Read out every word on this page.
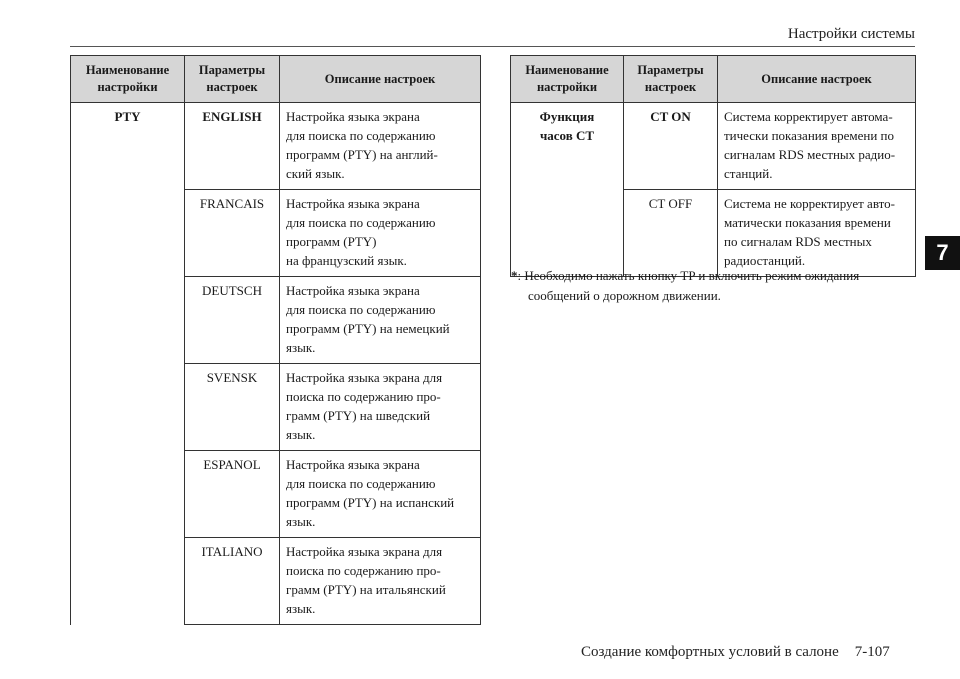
Настройки системы
7
Наименование
настройки	Параметры
настроек	Описание настроек

PTY	ENGLISH	Настройка языка экрана
для поиска по содержанию
программ (PTY) на англий-
ский язык.

	FRANCAIS	Настройка языка экрана
для поиска по содержанию
программ (PTY)
на французский язык.

	DEUTSCH	Настройка языка экрана
для поиска по содержанию
программ (PTY) на немецкий
язык.

	SVENSK	Настройка языка экрана для
поиска по содержанию про-
грамм (PTY) на шведский
язык.

	ESPANOL	Настройка языка экрана
для поиска по содержанию
программ (PTY) на испанский
язык.

	ITALIANO	Настройка языка экрана для
поиска по содержанию про-
грамм (PTY) на итальянский
язык.
Наименование
настройки	Параметры
настроек	Описание настроек

Функция
часов CT	CT ON	Система корректирует автома-
тически показания времени по
сигналам RDS местных радио-
станций.

	CT OFF	Система не корректирует авто-
матически показания времени
по сигналам RDS местных
радиостанций.
*: Необходимо нажать кнопку TP и включить режим ожидания
сообщений о дорожном движении.
Создание комфортных условий в салоне 7-107
